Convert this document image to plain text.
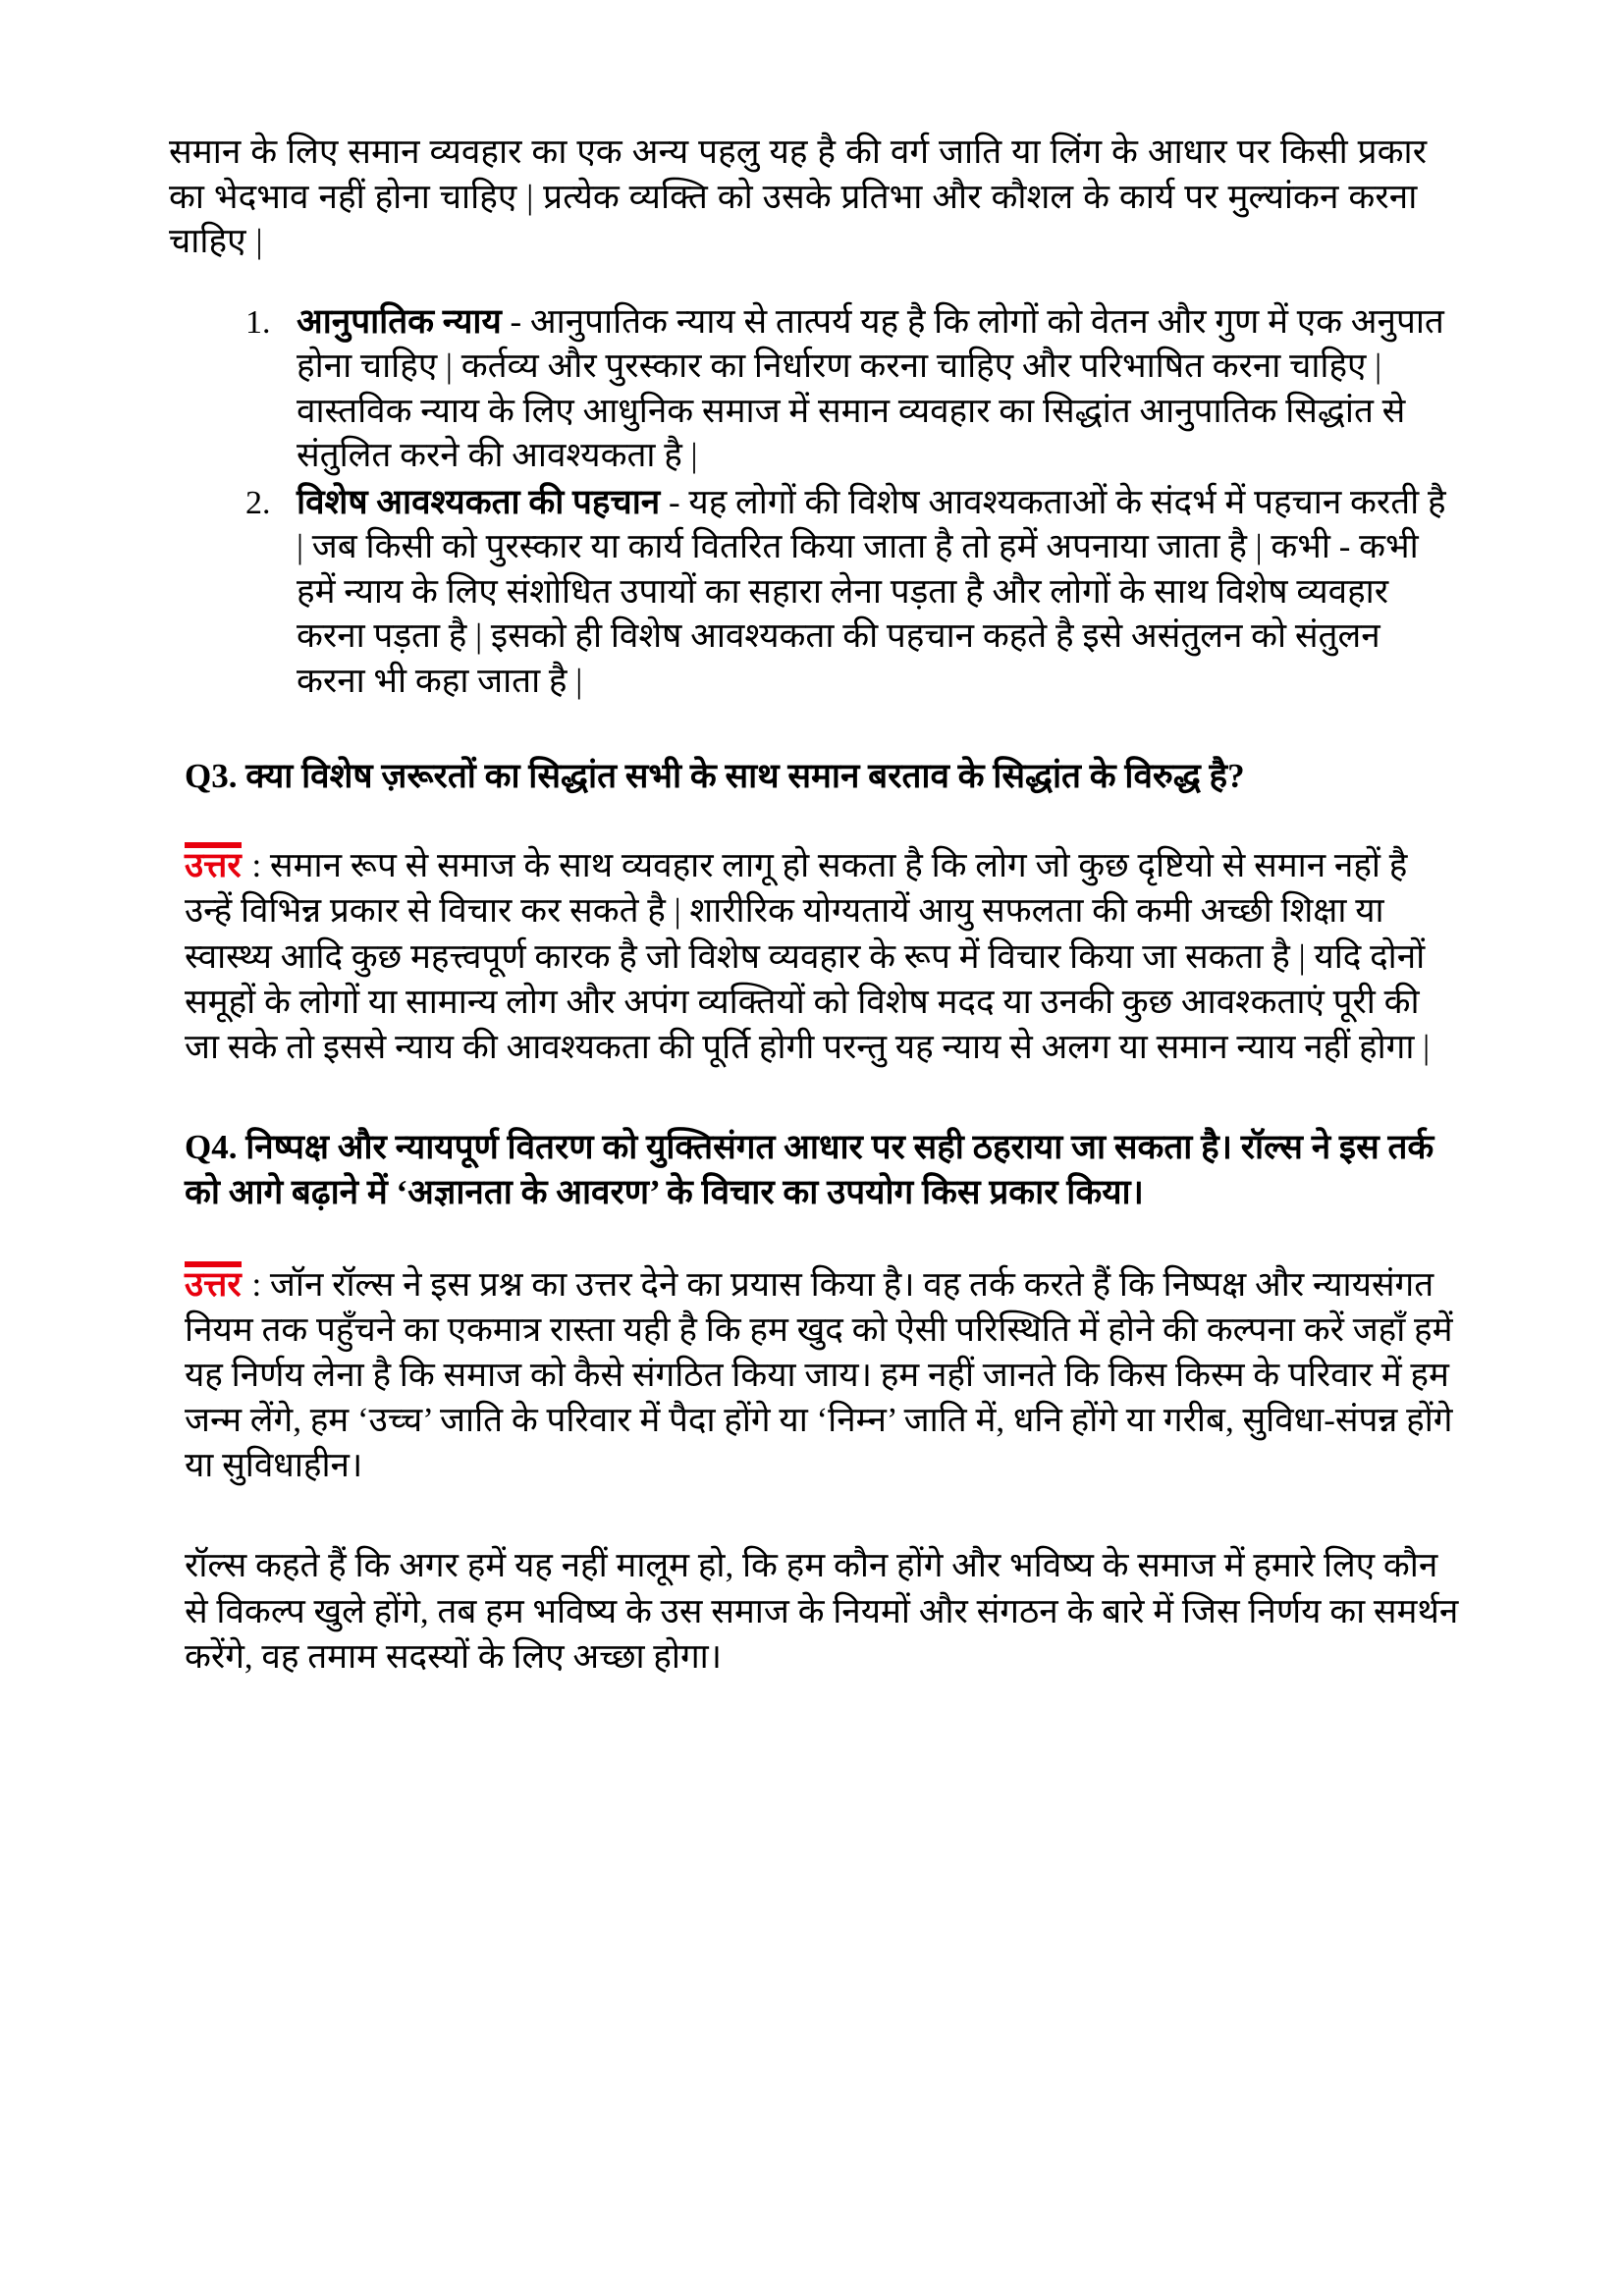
समान के लिए समान व्यवहार का एक अन्य पहलु यह है की वर्ग जाति या लिंग के आधार पर किसी प्रकार का भेदभाव नहीं होना चाहिए | प्रत्येक व्यक्ति को उसके प्रतिभा और कौशल के कार्य पर मुल्यांकन करना चाहिए |

1. आनुपातिक न्याय - आनुपातिक न्याय से तात्पर्य यह है कि लोगों को वेतन और गुण में एक अनुपात होना चाहिए | कर्तव्य और पुरस्कार का निर्धारण करना चाहिए और परिभाषित करना चाहिए | वास्तविक न्याय के लिए आधुनिक समाज में समान व्यवहार का सिद्धांत आनुपातिक सिद्धांत से संतुलित करने की आवश्यकता है |
2. विशेष आवश्यकता की पहचान - यह लोगों की विशेष आवश्यकताओं के संदर्भ में पहचान करती है | जब किसी को पुरस्कार या कार्य वितरित किया जाता है तो हमें अपनाया जाता है | कभी - कभी हमें न्याय के लिए संशोधित उपायों का सहारा लेना पड़ता है और लोगों के साथ विशेष व्यवहार करना पड़ता है | इसको ही विशेष आवश्यकता की पहचान कहते है इसे असंतुलन को संतुलन करना भी कहा जाता है |

Q3. क्या विशेष ज़रूरतों का सिद्धांत सभी के साथ समान बरताव के सिद्धांत के विरुद्ध है?

उत्तर : समान रूप से समाज के साथ व्यवहार लागू हो सकता है कि लोग जो कुछ दृष्टियो से समान नहों है उन्हें विभिन्न प्रकार से विचार कर सकते है | शारीरिक योग्यतायें आयु सफलता की कमी अच्छी शिक्षा या स्वास्थ्य आदि कुछ महत्त्वपूर्ण कारक है जो विशेष व्यवहार के रूप में विचार किया जा सकता है | यदि दोनों समूहों के लोगों या सामान्य लोग और अपंग व्यक्तियों को विशेष मदद या उनकी कुछ आवश्कताएं पूरी की जा सके तो इससे न्याय की आवश्यकता की पूर्ति होगी परन्तु यह न्याय से अलग या समान न्याय नहीं होगा |

Q4. निष्पक्ष और न्यायपूर्ण वितरण को युक्तिसंगत आधार पर सही ठहराया जा सकता है। रॉल्स ने इस तर्क को आगे बढ़ाने में ‘अज्ञानता के आवरण’ के विचार का उपयोग किस प्रकार किया।

उत्तर : जॉन रॉल्स ने इस प्रश्न का उत्तर देने का प्रयास किया है। वह तर्क करते हैं कि निष्पक्ष और न्यायसंगत नियम तक पहुँचने का एकमात्र रास्ता यही है कि हम खुद को ऐसी परिस्थिति में होने की कल्पना करें जहाँ हमें यह निर्णय लेना है कि समाज को कैसे संगठित किया जाय। हम नहीं जानते कि किस किस्म के परिवार में हम जन्म लेंगे, हम ‘उच्च’ जाति के परिवार में पैदा होंगे या ‘निम्न’ जाति में, धनि होंगे या गरीब, सुविधा-संपन्न होंगे या सुविधाहीन।

रॉल्स कहते हैं कि अगर हमें यह नहीं मालूम हो, कि हम कौन होंगे और भविष्य के समाज में हमारे लिए कौन से विकल्प खुले होंगे, तब हम भविष्य के उस समाज के नियमों और संगठन के बारे में जिस निर्णय का समर्थन करेंगे, वह तमाम सदस्यों के लिए अच्छा होगा।
